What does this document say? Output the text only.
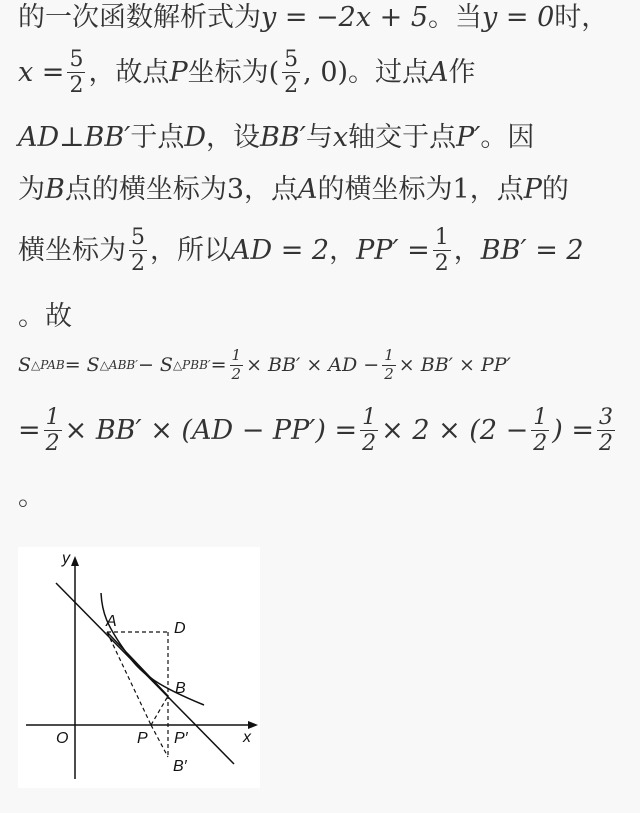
的一次函数解析式为 y = −2x + 5 。当 y = 0 时，
$x = \frac{5}{2}$ ，故点 P 坐标为 ( $\frac{5}{2}$ , 0) 。过点 A 作
AD⊥BB′ 于点 D ，设 BB′ 与 x 轴交于点 P′ 。因
为 B 点的横坐标为 3 ，点 A 的横坐标为 1 ，点 P 的
横坐标为 $\frac{5}{2}$ ，所以 AD = 2 ， $PP' = \frac{1}{2}$ ， BB′ = 2
。故
S △PAB = S △ABB′ − S △PBB′ = $\frac{1}{2} \times BB'$ × AD − $\frac{1}{2} \times BB' \times PP'$
= $\frac{1}{2} \times BB' \times (AD - PP') = \frac{1}{2} \times 2 \times (2 - \frac{1}{2}$ ) = $\frac{3}{2}$
。
y
x
O
A	D
B
P P′
B′
